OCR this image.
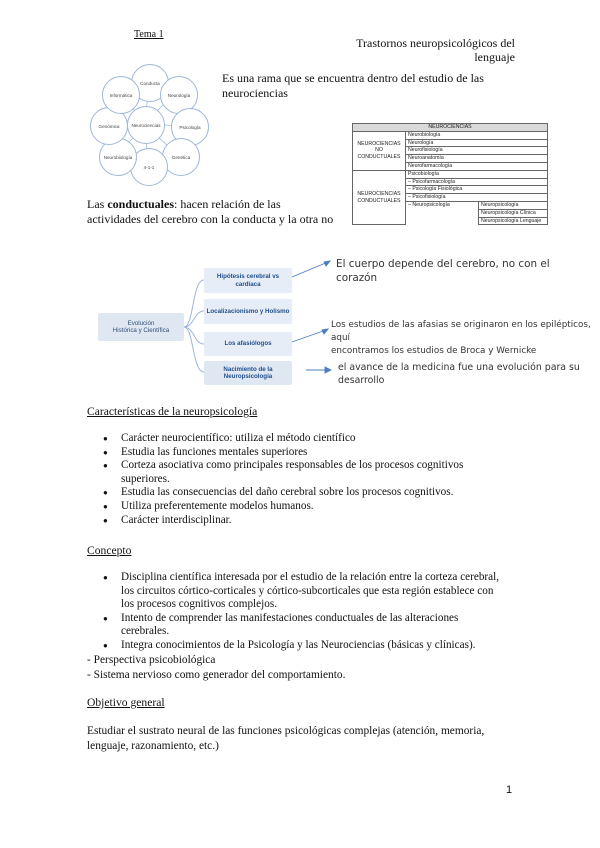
Tema 1
Trastornos neuropsicológicos del
lenguaje
Neurociencias
Conducta
Neurología
Psicología
Genética
4-1-1
Neurobiología
Genómica
Informática
Es una rama que se encuentra dentro del estudio de las
neurociencias
NEUROCIENCIAS		

NEUROCIENCIAS
NO
CONDUCTUALES	Neurobiología	
	Neurología	
	Neurofisiología	
	Neuroanatomía	
	Neurofarmacología	

NEUROCIENCIAS
CONDUCTUALES	Psicobiología	
	– Psicofarmacología	
	– Psicología Fisiológica	
	– Psicofisiología	
	– Neuropsicología	Neuropsicología
		Neuropsicología Clínica
		Neuropsicología Lenguaje
Las conductuales: hacen relación de las
actividades del cerebro con la conducta y la otra no
Evolución
Histórica y Científica
Hipótesis cerebral vs cardiaca
Localizacionismo y Holismo
Los afasiólogos
Nacimiento de la Neuropsicología
El cuerpo depende del cerebro, no con el
corazón
Los estudios de las afasias se originaron en los epilépticos, aquí
encontramos los estudios de Broca y Wernicke
el avance de la medicina fue una evolución para su
desarrollo
Características de la neuropsicología
● Carácter neurocientífico: utiliza el método científico
● Estudia las funciones mentales superiores
● Corteza asociativa como principales responsables de los procesos cognitivos superiores.
● Estudia las consecuencias del daño cerebral sobre los procesos cognitivos.
● Utiliza preferentemente modelos humanos.
● Carácter interdisciplinar.
Concepto
● Disciplina científica interesada por el estudio de la relación entre la corteza cerebral, los circuitos córtico-corticales y córtico-subcorticales que esta región establece con los procesos cognitivos complejos.
● Intento de comprender las manifestaciones conductuales de las alteraciones cerebrales.
● Integra conocimientos de la Psicología y las Neurociencias (básicas y clínicas).
- Perspectiva psicobiológica
- Sistema nervioso como generador del comportamiento.
Objetivo general
Estudiar el sustrato neural de las funciones psicológicas complejas (atención, memoria,
lenguaje, razonamiento, etc.)
1
